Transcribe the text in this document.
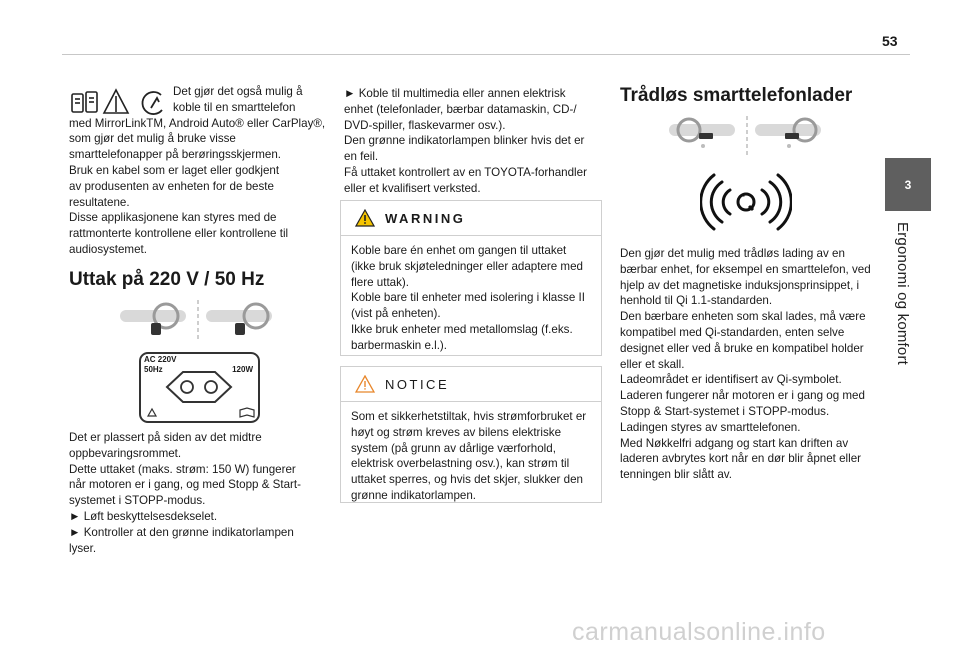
53
3
Ergonomi og komfort

Det gjør det også mulig å

koble til en smarttelefon

med MirrorLinkTM, Android Auto® eller CarPlay®,

som gjør det mulig å bruke visse

smarttelefonapper på berøringsskjermen.

Bruk en kabel som er laget eller godkjent

av produsenten av enheten for de beste

resultatene.

Disse applikasjonene kan styres med de

rattmonterte kontrollene eller kontrollene til

audiosystemet.

Uttak på 220 V / 50 Hz
AC 220V
50Hz	120W

Det er plassert på siden av det midtre

oppbevaringsrommet.

Dette uttaket (maks. strøm: 150 W) fungerer

når motoren er i gang, og med Stopp & Start-

systemet i STOPP-modus.

► Løft beskyttelsesdekselet.

► Kontroller at den grønne indikatorlampen

lyser.

► Koble til multimedia eller annen elektrisk

enhet (telefonlader, bærbar datamaskin, CD-/

DVD-spiller, flaskevarmer osv.).

Den grønne indikatorlampen blinker hvis det er

en feil.

Få uttaket kontrollert av en TOYOTA-forhandler

eller et kvalifisert verksted.

WARNING

Koble bare én enhet om gangen til uttaket

(ikke bruk skjøteledninger eller adaptere med

flere uttak).

Koble bare til enheter med isolering i klasse II

(vist på enheten).

Ikke bruk enheter med metallomslag (f.eks.

barbermaskin e.l.).

NOTICE

Som et sikkerhetstiltak, hvis strømforbruket er

høyt og strøm kreves av bilens elektriske

system (på grunn av dårlige værforhold,

elektrisk overbelastning osv.), kan strøm til

uttaket sperres, og hvis det skjer, slukker den

grønne indikatorlampen.

Trådløs smarttelefonlader

Den gjør det mulig med trådløs lading av en

bærbar enhet, for eksempel en smarttelefon, ved

hjelp av det magnetiske induksjonsprinsippet, i

henhold til Qi 1.1-standarden.

Den bærbare enheten som skal lades, må være

kompatibel med Qi-standarden, enten selve

designet eller ved å bruke en kompatibel holder

eller et skall.

Ladeområdet er identifisert av Qi-symbolet.

Laderen fungerer når motoren er i gang og med

Stopp & Start-systemet i STOPP-modus.

Ladingen styres av smarttelefonen.

Med Nøkkelfri adgang og start kan driften av

laderen avbrytes kort når en dør blir åpnet eller

tenningen blir slått av.

carmanualsonline.info
